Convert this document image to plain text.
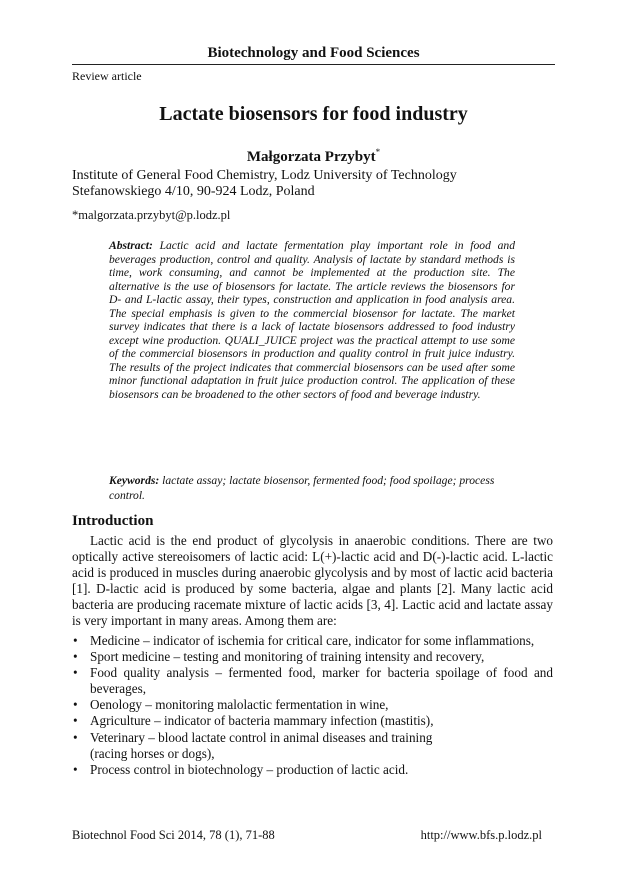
Biotechnology and Food Sciences
Review article
Lactate biosensors for food industry
Małgorzata Przybyt*
Institute of General Food Chemistry, Lodz University of Technology
Stefanowskiego 4/10, 90-924 Lodz, Poland
*malgorzata.przybyt@p.lodz.pl
Abstract: Lactic acid and lactate fermentation play important role in food and beverages production, control and quality. Analysis of lactate by standard methods is time, work consuming, and cannot be implemented at the production site. The alternative is the use of biosensors for lactate. The article reviews the biosensors for D- and L-lactic assay, their types, construction and application in food analysis area. The special emphasis is given to the commercial biosensor for lactate. The market survey indicates that there is a lack of lactate biosensors addressed to food industry except wine production. QUALI_JUICE project was the practical attempt to use some of the commercial biosensors in production and quality control in fruit juice industry. The results of the project indicates that commercial biosensors can be used after some minor functional adaptation in fruit juice production control. The application of these biosensors can be broadened to the other sectors of food and beverage industry.
Keywords: lactate assay; lactate biosensor, fermented food; food spoilage; process control.
Introduction
Lactic acid is the end product of glycolysis in anaerobic conditions. There are two optically active stereoisomers of lactic acid: L(+)-lactic acid and D(-)-lactic acid. L-lactic acid is produced in muscles during anaerobic glycolysis and by most of lactic acid bacteria [1]. D-lactic acid is produced by some bacteria, algae and plants [2]. Many lactic acid bacteria are producing racemate mixture of lactic acids [3, 4]. Lactic acid and lactate assay is very important in many areas. Among them are:
• Medicine – indicator of ischemia for critical care, indicator for some inflammations,
• Sport medicine – testing and monitoring of training intensity and recovery,
• Food quality analysis – fermented food, marker for bacteria spoilage of food and beverages,
• Oenology – monitoring malolactic fermentation in wine,
• Agriculture – indicator of bacteria mammary infection (mastitis),
• Veterinary – blood lactate control in animal diseases and training
(racing horses or dogs),
• Process control in biotechnology – production of lactic acid.
Biotechnol Food Sci 2014, 78 (1), 71-88	http://www.bfs.p.lodz.pl
